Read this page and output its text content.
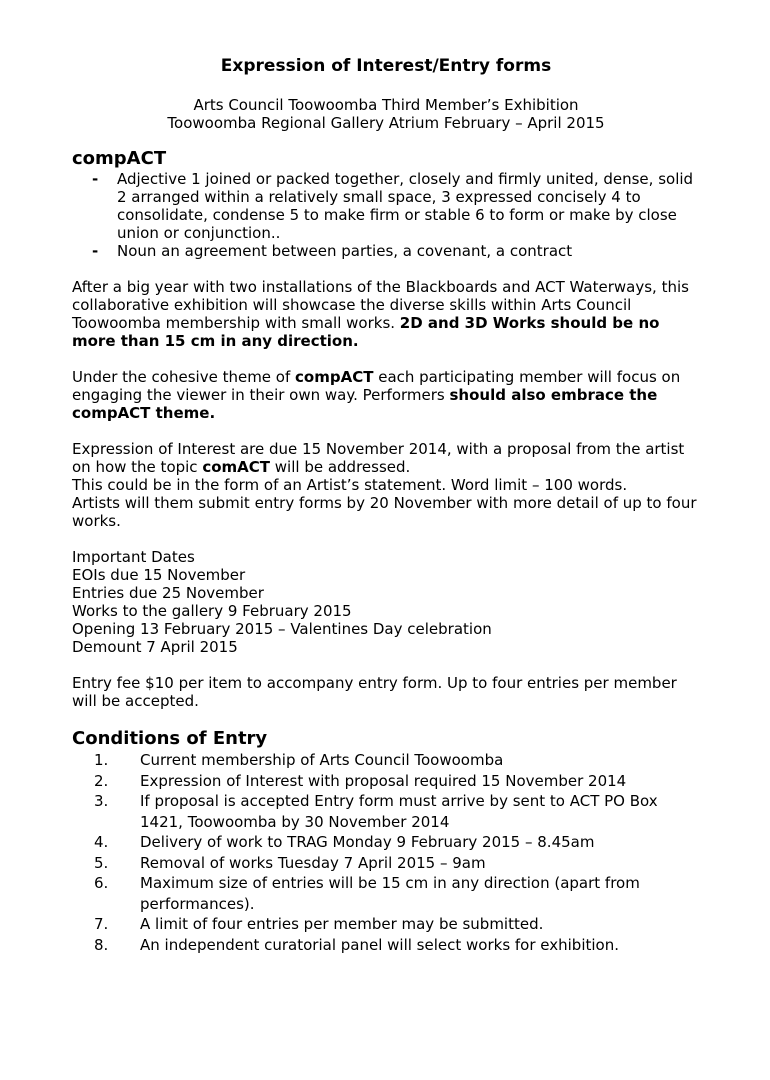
Expression of Interest/Entry forms

Arts Council Toowoomba Third Member’s Exhibition

Toowoomba Regional Gallery Atrium February – April 2015

compACT
- Adjective 1 joined or packed together, closely and firmly united, dense, solid 2 arranged within a relatively small space, 3 expressed concisely 4 to consolidate, condense 5 to make firm or stable 6 to form or make by close union or conjunction..
- Noun an agreement between parties, a covenant, a contract

After a big year with two installations of the Blackboards and ACT Waterways, this collaborative exhibition will showcase the diverse skills within Arts Council Toowoomba membership with small works. 2D and 3D Works should be no more than 15 cm in any direction.

Under the cohesive theme of compACT each participating member will focus on engaging the viewer in their own way. Performers should also embrace the compACT theme.

Expression of Interest are due 15 November 2014, with a proposal from the artist on how the topic comACT will be addressed.

This could be in the form of an Artist’s statement. Word limit – 100 words.

Artists will them submit entry forms by 20 November with more detail of up to four works.

Important Dates

EOIs due 15 November

Entries due 25 November

Works to the gallery 9 February 2015

Opening 13 February 2015 – Valentines Day celebration

Demount 7 April 2015

Entry fee $10 per item to accompany entry form. Up to four entries per member will be accepted.

Conditions of Entry
1. Current membership of Arts Council Toowoomba
2. Expression of Interest with proposal required 15 November 2014
3. If proposal is accepted Entry form must arrive by sent to ACT PO Box 1421, Toowoomba by 30 November 2014
4. Delivery of work to TRAG Monday 9 February 2015 – 8.45am
5. Removal of works Tuesday 7 April 2015 – 9am
6. Maximum size of entries will be 15 cm in any direction (apart from performances).
7. A limit of four entries per member may be submitted.
8. An independent curatorial panel will select works for exhibition.
